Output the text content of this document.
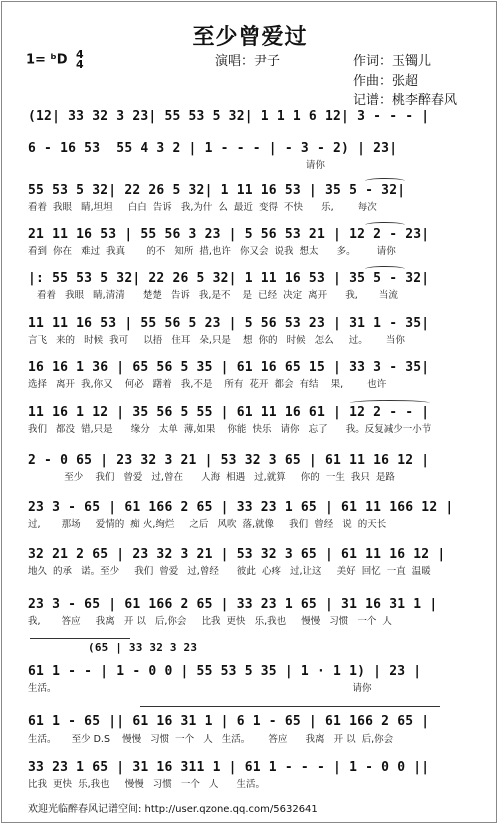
至少曾爱过
1= ᵇD 4
4	演唱：尹子	作词：玉镯儿
作曲：张超
记谱：桃李醉春风
(12| 33 32 3 23| 55 53 5 32| 1 1 1 6 12| 3 - - - |
6 - 16 53  55 4 3 2 | 1 - - - | - 3 - 2) | 23|
请你
55 53 5 32| 22 26 5 32| 1 11 16 53 | 35 5 - 32|
看着  我眼   睛,坦坦     白白  告诉   我,为什  么  最近  变得  不快      乐,        每次
21 11 16 53 | 55 56 3 23 | 5 56 53 21 | 12 2 - 23|
看到  你在   难过  我真       的不   知所  措,也许   你又会  说我  想太      多。       请你
|: 55 53 5 32| 22 26 5 32| 1 11 16 53 | 35 5 - 32|
看着   我眼   睛,清清      楚楚   告诉   我,是不    是  已经  决定  离开      我,       当流
11 11 16 53 | 55 56 5 23 | 5 56 53 23 | 31 1 - 35|
言飞   来的   时候  我可     以捂   住耳   朵,只是    想  你的   时候   怎么     过。      当你
16 16 1 36 | 65 56 5 35 | 61 16 65 15 | 33 3 - 35|
选择   离开  我,你又    何必   躇着   我,不是    所有  花开  都会  有结    果,        也许
11 16 1 12 | 35 56 5 55 | 61 11 16 61 | 12 2 - - |
我们   都没  错,只是      缘分   太单  薄,如果    你能  快乐   请你   忘了      我。反复减少一小节
2 - 0 65 | 23 32 3 21 | 53 32 3 65 | 61 11 16 12 |
至少    我们   曾爱   过,曾在      人海  相遇   过,就算     你的  一生  我只  是路
23 3 - 65 | 61 166 2 65 | 33 23 1 65 | 61 11 166 12 |
过,       那场     爱情的  痴 火,绚烂     之后   风吹  落,就像     我们  曾经   说  的天长
32 21 2 65 | 23 32 3 21 | 53 32 3 65 | 61 11 16 12 |
地久  的承   诺。至少     我们  曾爱   过,曾经      彼此  心疼   过,让这     美好  回忆  一直  温暖
23 3 - 65 | 61 166 2 65 | 33 23 1 65 | 31 16 31 1 |
我,       答应     我离   开 以   后,你会     比我  更快   乐,我也     慢慢   习惯   一个  人
(65 | 33 32 3 23
61 1 - - | 1 - 0 0 | 55 53 5 35 | 1 · 1 1) | 23 |
生活。                                                                                                  请你
61 1 - 65 || 61 16 31 1 | 6 1 - 65 | 61 166 2 65 |
生活。     至少 D.S    慢慢   习惯  一个   人   生活。      答应      我离   开 以  后,你会
33 23 1 65 | 31 16 311 1 | 61 1 - - - | 1 - 0 0 ||
比我  更快  乐,我也     慢慢   习惯   一个   人      生活。
欢迎光临醉春风记谱空间: http://user.qzone.qq.com/5632641
